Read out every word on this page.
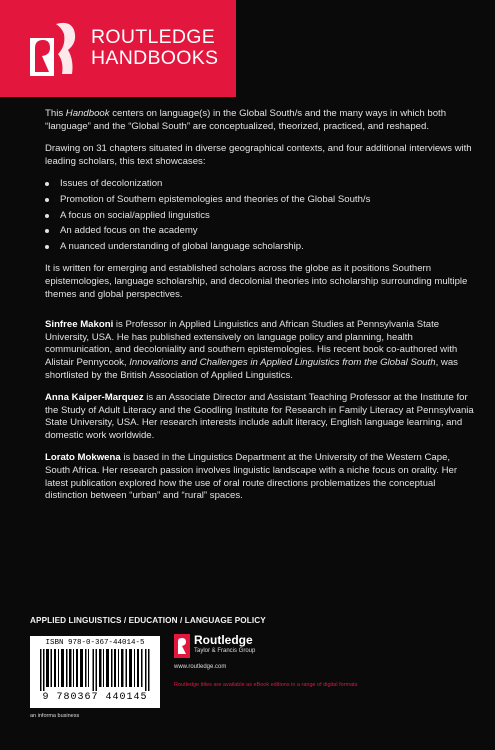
ROUTLEDGE
HANDBOOKS

This Handbook centers on language(s) in the Global South/s and the many ways in which both “language” and the “Global South” are conceptualized, theorized, practiced, and reshaped.

Drawing on 31 chapters situated in diverse geographical contexts, and four additional interviews with leading scholars, this text showcases:

Issues of decolonization
Promotion of Southern epistemologies and theories of the Global South/s
A focus on social/applied linguistics
An added focus on the academy
A nuanced understanding of global language scholarship.

It is written for emerging and established scholars across the globe as it positions Southern epistemologies, language scholarship, and decolonial theories into scholarship surrounding multiple themes and global perspectives.

Sinfree Makoni is Professor in Applied Linguistics and African Studies at Pennsylvania State University, USA. He has published extensively on language policy and planning, health communication, and decoloniality and southern epistemologies. His recent book co-authored with Alistair Pennycook, Innovations and Challenges in Applied Linguistics from the Global South, was shortlisted by the British Association of Applied Linguistics.

Anna Kaiper-Marquez is an Associate Director and Assistant Teaching Professor at the Institute for the Study of Adult Literacy and the Goodling Institute for Research in Family Literacy at Pennsylvania State University, USA. Her research interests include adult literacy, English language learning, and domestic work worldwide.

Lorato Mokwena is based in the Linguistics Department at the University of the Western Cape, South Africa. Her research passion involves linguistic landscape with a niche focus on orality. Her latest publication explored how the use of oral route directions problematizes the conceptual distinction between “urban” and “rural” spaces.

APPLIED LINGUISTICS / EDUCATION / LANGUAGE POLICY
ISBN 978-0-367-44014-5
9 780367 440145
an informa business
Routledge
Taylor & Francis Group
www.routledge.com
Routledge titles are available as eBook editions in a range of digital formats
